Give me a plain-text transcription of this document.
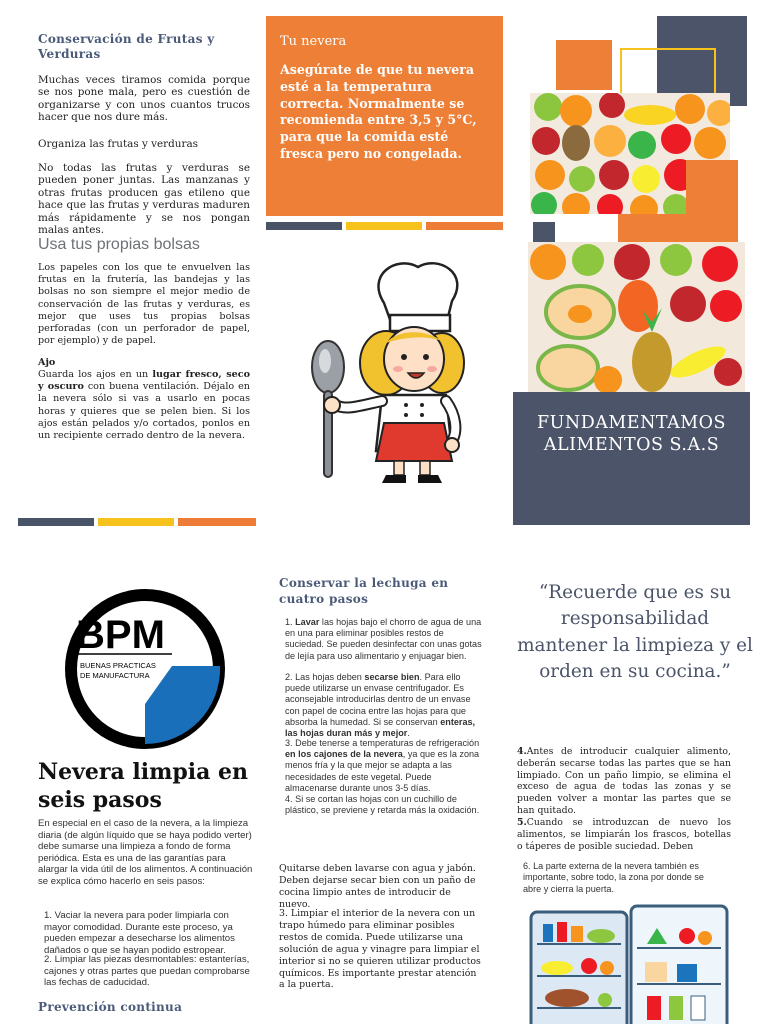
Conservación de Frutas y Verduras

Muchas veces tiramos comida porque se nos pone mala, pero es cuestión de organizarse y con unos cuantos trucos hacer que nos dure más.

Organiza las frutas y verduras

No todas las frutas y verduras se pueden poner juntas. Las manzanas y otras frutas producen gas etileno que hace que las frutas y verduras maduren más rápidamente y se nos pongan malas antes.

Usa tus propias bolsas

Los papeles con los que te envuelven las frutas en la frutería, las bandejas y las bolsas no son siempre el mejor medio de conservación de las frutas y verduras, es mejor que uses tus propias bolsas perforadas (con un perforador de papel, por ejemplo) y de papel.

Ajo

Guarda los ajos en un lugar fresco, seco y oscuro con buena ventilación. Déjalo en la nevera sólo si vas a usarlo en pocas horas y quieres que se pelen bien. Si los ajos están pelados y/o cortados, ponlos en un recipiente cerrado dentro de la nevera.

Tu nevera
Asegúrate de que tu nevera esté a la temperatura correcta. Normalmente se recomienda entre 3,5 y 5°C, para que la comida esté fresca pero no congelada.
FUNDAMENTAMOS ALIMENTOS S.A.S
BPM
BUENAS PRACTICAS
DE MANUFACTURA
Nevera limpia en seis pasos

En especial en el caso de la nevera, a la limpieza diaria (de algún líquido que se haya podido verter) debe sumarse una limpieza a fondo de forma periódica. Esta es una de las garantías para alargar la vida útil de los alimentos. A continuación se explica cómo hacerlo en seis pasos:

1. Vaciar la nevera para poder limpiarla con mayor comodidad. Durante este proceso, ya pueden empezar a desecharse los alimentos dañados o que se hayan podido estropear.

2. Limpiar las piezas desmontables: estanterías, cajones y otras partes que puedan comprobarse las fechas de caducidad.

Prevención continua
Conservar la lechuga en cuatro pasos

1. Lavar las hojas bajo el chorro de agua de una en una para eliminar posibles restos de suciedad. Se pueden desinfectar con unas gotas de lejía para uso alimentario y enjuagar bien.

2. Las hojas deben secarse bien. Para ello puede utilizarse un envase centrifugador. Es aconsejable introducirlas dentro de un envase con papel de cocina entre las hojas para que absorba la humedad. Si se conservan enteras, las hojas duran más y mejor.

3. Debe tenerse a temperaturas de refrigeración en los cajones de la nevera, ya que es la zona menos fría y la que mejor se adapta a las necesidades de este vegetal. Puede almacenarse durante unos 3-5 días.

4. Si se cortan las hojas con un cuchillo de plástico, se previene y retarda más la oxidación.

Quitarse deben lavarse con agua y jabón. Deben dejarse secar bien con un paño de cocina limpio antes de introducir de nuevo.

3. Limpiar el interior de la nevera con un trapo húmedo para eliminar posibles restos de comida. Puede utilizarse una solución de agua y vinagre para limpiar el interior si no se quieren utilizar productos químicos. Es importante prestar atención a la puerta.

“Recuerde que es su responsabilidad mantener la limpieza y el orden en su cocina.”

4.Antes de introducir cualquier alimento, deberán secarse todas las partes que se han limpiado. Con un paño limpio, se elimina el exceso de agua de todas las zonas y se pueden volver a montar las partes que se han quitado.

5.Cuando se introduzcan de nuevo los alimentos, se limpiarán los frascos, botellas o táperes de posible suciedad. Deben

6. La parte externa de la nevera también es importante, sobre todo, la zona por donde se abre y cierra la puerta.
